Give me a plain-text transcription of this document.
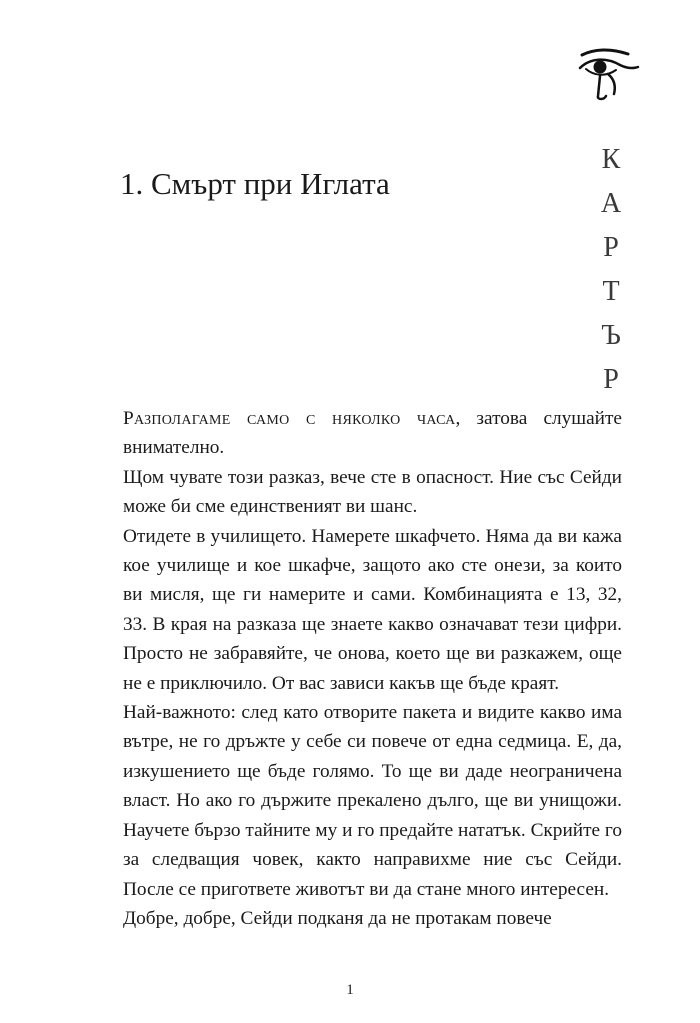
1. Смърт при Иглата
К
А
Р
Т
Ъ
Р

Разполагаме само с няколко часа, затова слушайте внимателно.

Щом чувате този разказ, вече сте в опасност. Ние със Сейди може би сме единственият ви шанс.

Отидете в училището. Намерете шкафчето. Няма да ви кажа кое училище и кое шкафче, защото ако сте онези, за които ви мисля, ще ги намерите и сами. Комбинацията е 13, 32, 33. В края на разказа ще знаете какво означават тези цифри. Просто не забравяйте, че онова, което ще ви разкажем, още не е приключило. От вас зависи какъв ще бъде краят.

Най-важното: след като отворите пакета и видите какво има вътре, не го дръжте у себе си повече от една седмица. Е, да, изкушението ще бъде голямо. То ще ви даде неограничена власт. Но ако го държите прекалено дълго, ще ви унищожи. Научете бързо тайните му и го предайте нататък. Скрийте го за следващия човек, както направихме ние със Сейди. После се пригответе животът ви да стане много интересен.

Добре, добре, Сейди подканя да не протакам повече

1
